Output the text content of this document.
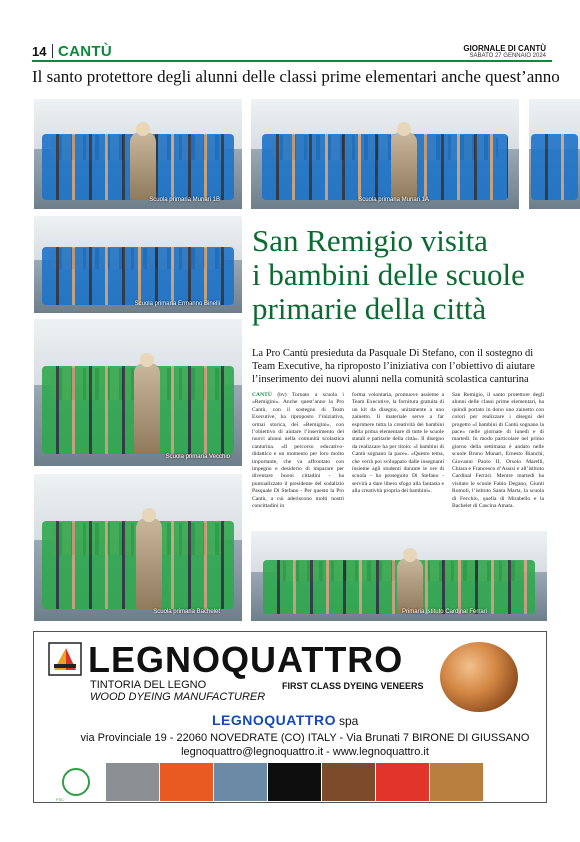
14 CANTÙ	GIORNALE DI CANTÙ
SABATO 27 GENNAIO 2024
Il santo protettore degli alunni delle classi prime elementari anche quest’anno
Scuola primaria Munari 1B	Scuola primaria Munari 1A
Scuola primaria Ermanno Binelli
Scuola primaria Vecchio
Scuola primaria Bachelet	Primaria Istituto Cardinal Ferrari
San Remigio visita
i bambini delle scuole
primarie della città
La Pro Cantù presieduta da Pasquale Di Stefano, con il sostegno di Team Executive, ha riproposto l’iniziativa con l’obiettivo di aiutare l’inserimento dei nuovi alunni nella comunità scolastica canturina
CANTÙ (bv) Tornato a scuola i «Remigini». Anche quest’anno la Pro Cantù, con il sostegno di Team Executive, ha riproposto l’iniziativa, ormai storica, dei «Remigini», con l’obiettivo di aiutare l’inserimento dei nuovi alunni nella comunità scolastica canturina. «Il percorso educativo-didattico e un momento per loro molto importante, che va affrontato con impegno e desiderio di imparare per diventare buoni cittadini - ha puntualizzato il presidente del sodalizio Pasquale Di Stefano - Per questo la Pro Cantù, a cui aderiscono molti nostri concittadini in
forma volontaria, promuove assieme a Team Executive, la fornitura gratuita di un kit da disegno, unitamente a uno zainetto. Il materiale serve a far esprimere tutta la creatività dei bambini della prima elementare di tutte le scuole statali e paritarie della città». Il disegno da realizzare ha per titolo: «I bambini di Cantù sognano la pace». «Questo tema, che verrà poi sviluppato dalle insegnanti insieme agli studenti durante le ore di scuola - ha proseguito Di Stefano - servirà a dare libero sfogo alla fantasia e alla creatività propria dei bambini».
San Remigio, il santo protettore degli alunni delle classi prime elementari, ha quindi portato in dono uno zainetto con colori per realizzare i disegni del progetto «I bambini di Cantù sognano la pace» nelle giornate di lunedì e di martedì. In modo particolare nel primo giorno della settimana è andato nelle scuole Bruno Munari, Ernesto Bianchi, Giovanni Paolo II, Orsolo Marelli, Chiara e Francesco d’Assisi e all’istituto Cardinal Ferrari. Mentre martedì ha visitato le scuole Fabio Degano, Giunti Romoli, l’istituto Santa Marta, la scuola di Fecchio, quella di Mirabello e la Bachelet di Cascina Amata.
LEGNOQUATTRO
TINTORIA DEL LEGNO
WOOD DYEING MANUFACTURER
FIRST CLASS DYEING VENEERS
LEGNOQUATTRO spa
via Provinciale 19 - 22060 NOVEDRATE (CO) ITALY - Via Brunati 7 BIRONE DI GIUSSANO
legnoquattro@legnoquattro.it - www.legnoquattro.it
FSC
